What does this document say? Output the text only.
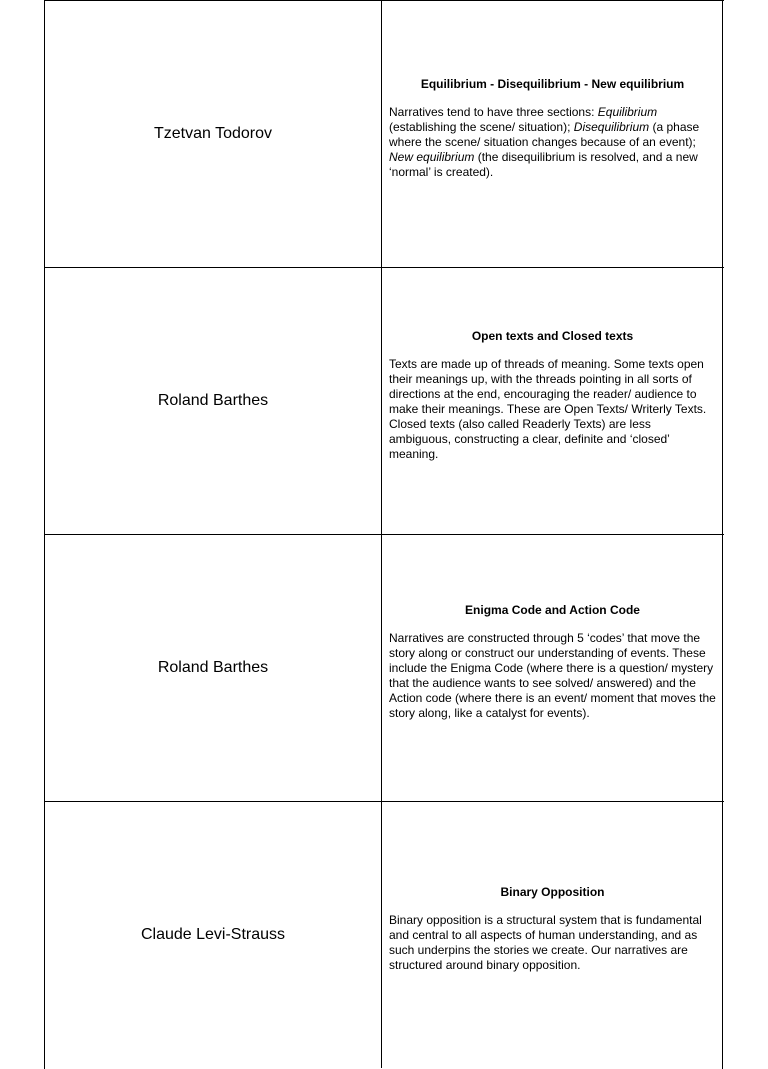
Tzetvan Todorov
Equilibrium - Disequilibrium - New equilibrium
Narratives tend to have three sections: Equilibrium (establishing the scene/ situation); Disequilibrium (a phase where the scene/ situation changes because of an event); New equilibrium (the disequilibrium is resolved, and a new ‘normal’ is created).
Roland Barthes
Open texts and Closed texts
Texts are made up of threads of meaning. Some texts open their meanings up, with the threads pointing in all sorts of directions at the end, encouraging the reader/ audience to make their meanings. These are Open Texts/ Writerly Texts. Closed texts (also called Readerly Texts) are less ambiguous, constructing a clear, definite and ‘closed’ meaning.
Roland Barthes
Enigma Code and Action Code
Narratives are constructed through 5 ‘codes’ that move the story along or construct our understanding of events. These include the Enigma Code (where there is a question/ mystery that the audience wants to see solved/ answered) and the Action code (where there is an event/ moment that moves the story along, like a catalyst for events).
Claude Levi-Strauss
Binary Opposition
Binary opposition is a structural system that is fundamental and central to all aspects of human understanding, and as such underpins the stories we create. Our narratives are structured around binary opposition.
